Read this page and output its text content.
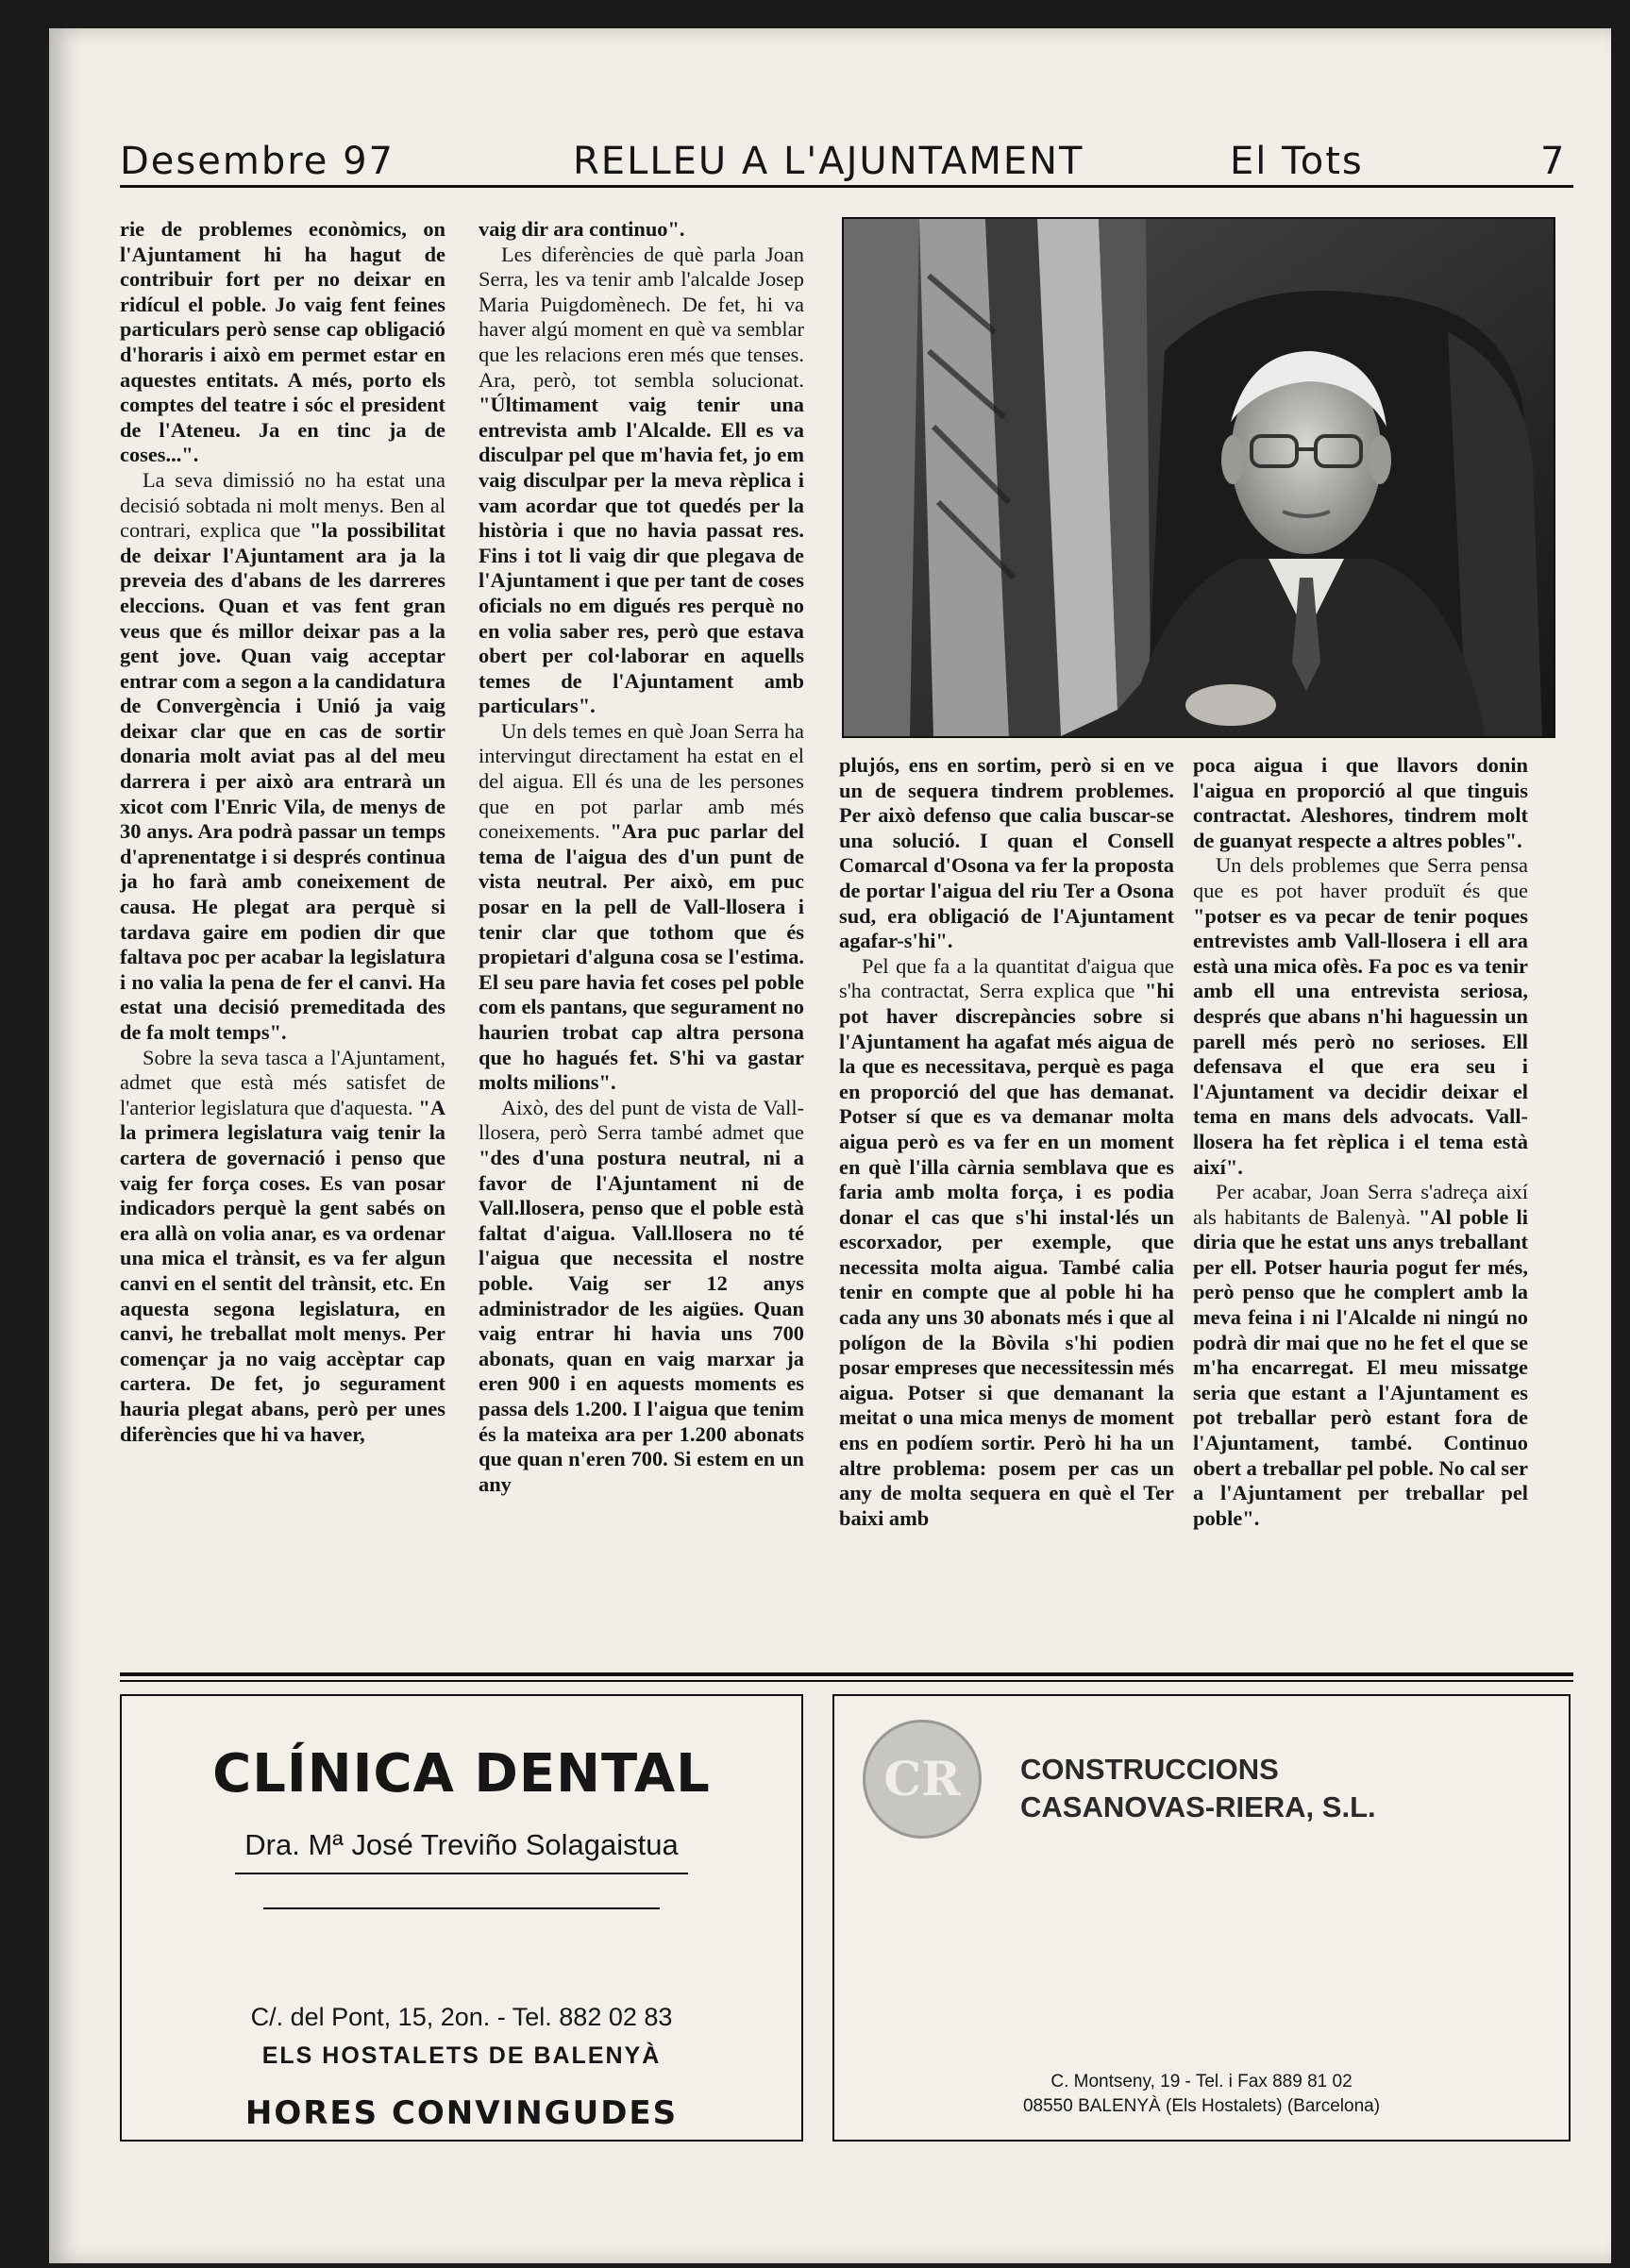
Desembre 97	RELLEU A L'AJUNTAMENT	El Tots	7

rie de problemes econòmics, on l'Ajuntament hi ha hagut de contribuir fort per no deixar en ridícul el poble. Jo vaig fent feines particulars però sense cap obligació d'horaris i això em permet estar en aquestes entitats. A més, porto els comptes del teatre i sóc el president de l'Ateneu. Ja en tinc ja de coses...".

La seva dimissió no ha estat una decisió sobtada ni molt menys. Ben al contrari, explica que "la possibilitat de deixar l'Ajuntament ara ja la preveia des d'abans de les darreres eleccions. Quan et vas fent gran veus que és millor deixar pas a la gent jove. Quan vaig acceptar entrar com a segon a la candidatura de Convergència i Unió ja vaig deixar clar que en cas de sortir donaria molt aviat pas al del meu darrera i per això ara entrarà un xicot com l'Enric Vila, de menys de 30 anys. Ara podrà passar un temps d'aprenentatge i si després continua ja ho farà amb coneixement de causa. He plegat ara perquè si tardava gaire em podien dir que faltava poc per acabar la legislatura i no valia la pena de fer el canvi. Ha estat una decisió premeditada des de fa molt temps".

Sobre la seva tasca a l'Ajuntament, admet que està més satisfet de l'anterior legislatura que d'aquesta. "A la primera legislatura vaig tenir la cartera de governació i penso que vaig fer força coses. Es van posar indicadors perquè la gent sabés on era allà on volia anar, es va ordenar una mica el trànsit, es va fer algun canvi en el sentit del trànsit, etc. En aquesta segona legislatura, en canvi, he treballat molt menys. Per començar ja no vaig accèptar cap cartera. De fet, jo segurament hauria plegat abans, però per unes diferències que hi va haver,

vaig dir ara continuo".

Les diferències de què parla Joan Serra, les va tenir amb l'alcalde Josep Maria Puigdomènech. De fet, hi va haver algú moment en què va semblar que les relacions eren més que tenses. Ara, però, tot sembla solucionat. "Últimament vaig tenir una entrevista amb l'Alcalde. Ell es va disculpar pel que m'havia fet, jo em vaig disculpar per la meva rèplica i vam acordar que tot quedés per la història i que no havia passat res. Fins i tot li vaig dir que plegava de l'Ajuntament i que per tant de coses oficials no em digués res perquè no en volia saber res, però que estava obert per col·laborar en aquells temes de l'Ajuntament amb particulars".

Un dels temes en què Joan Serra ha intervingut directament ha estat en el del aigua. Ell és una de les persones que en pot parlar amb més coneixements. "Ara puc parlar del tema de l'aigua des d'un punt de vista neutral. Per això, em puc posar en la pell de Vall-llosera i tenir clar que tothom que és propietari d'alguna cosa se l'estima. El seu pare havia fet coses pel poble com els pantans, que segurament no haurien trobat cap altra persona que ho hagués fet. S'hi va gastar molts milions".

Això, des del punt de vista de Vall-llosera, però Serra també admet que "des d'una postura neutral, ni a favor de l'Ajuntament ni de Vall.llosera, penso que el poble està faltat d'aigua. Vall.llosera no té l'aigua que necessita el nostre poble. Vaig ser 12 anys administrador de les aigües. Quan vaig entrar hi havia uns 700 abonats, quan en vaig marxar ja eren 900 i en aquests moments es passa dels 1.200. I l'aigua que tenim és la mateixa ara per 1.200 abonats que quan n'eren 700. Si estem en un any

plujós, ens en sortim, però si en ve un de sequera tindrem problemes. Per això defenso que calia buscar-se una solució. I quan el Consell Comarcal d'Osona va fer la proposta de portar l'aigua del riu Ter a Osona sud, era obligació de l'Ajuntament agafar-s'hi".

Pel que fa a la quantitat d'aigua que s'ha contractat, Serra explica que "hi pot haver discrepàncies sobre si l'Ajuntament ha agafat més aigua de la que es necessitava, perquè es paga en proporció del que has demanat. Potser sí que es va demanar molta aigua però es va fer en un moment en què l'illa càrnia semblava que es faria amb molta força, i es podia donar el cas que s'hi instal·lés un escorxador, per exemple, que necessita molta aigua. També calia tenir en compte que al poble hi ha cada any uns 30 abonats més i que al polígon de la Bòvila s'hi podien posar empreses que necessitessin més aigua. Potser si que demanant la meitat o una mica menys de moment ens en podíem sortir. Però hi ha un altre problema: posem per cas un any de molta sequera en què el Ter baixi amb

poca aigua i que llavors donin l'aigua en proporció al que tinguis contractat. Aleshores, tindrem molt de guanyat respecte a altres pobles".

Un dels problemes que Serra pensa que es pot haver produït és que "potser es va pecar de tenir poques entrevistes amb Vall-llosera i ell ara està una mica ofès. Fa poc es va tenir amb ell una entrevista seriosa, després que abans n'hi haguessin un parell més però no serioses. Ell defensava el que era seu i l'Ajuntament va decidir deixar el tema en mans dels advocats. Vall-llosera ha fet rèplica i el tema està així".

Per acabar, Joan Serra s'adreça així als habitants de Balenyà. "Al poble li diria que he estat uns anys treballant per ell. Potser hauria pogut fer més, però penso que he complert amb la meva feina i ni l'Alcalde ni ningú no podrà dir mai que no he fet el que se m'ha encarregat. El meu missatge seria que estant a l'Ajuntament es pot treballar però estant fora de l'Ajuntament, també. Continuo obert a treballar pel poble. No cal ser a l'Ajuntament per treballar pel poble".

CLÍNICA DENTAL
Dra. Mª José Treviño Solagaistua
C/. del Pont, 15, 2on. - Tel. 882 02 83
ELS HOSTALETS DE BALENYÀ
HORES CONVINGUDES
CR	CONSTRUCCIONS
CASANOVAS-RIERA, S.L.
C. Montseny, 19 - Tel. i Fax 889 81 02
08550 BALENYÀ (Els Hostalets) (Barcelona)
